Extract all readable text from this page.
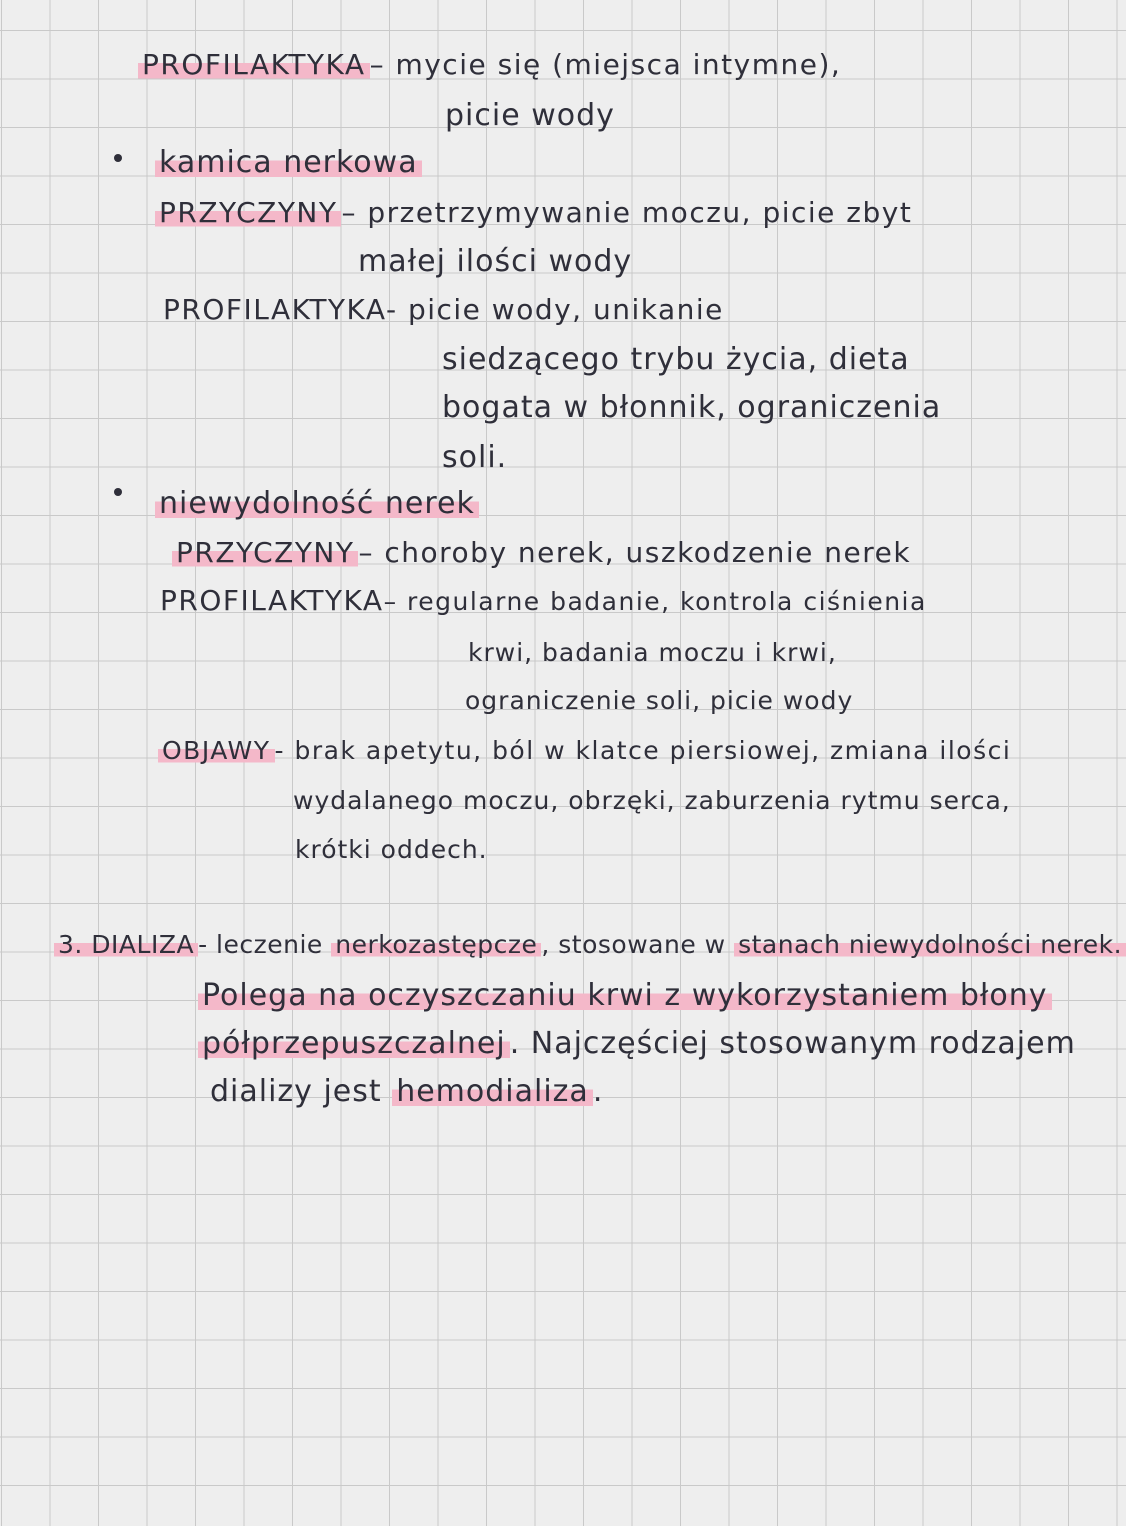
PROFILAKTYKA – mycie się (miejsca intymne),
picie wody
kamica nerkowa
PRZYCZYNY – przetrzymywanie moczu, picie zbyt
małej ilości wody
PROFILAKTYKA- picie wody, unikanie
siedzącego trybu życia, dieta
bogata w błonnik, ograniczenia
soli.
niewydolność nerek
PRZYCZYNY – choroby nerek, uszkodzenie nerek
PROFILAKTYKA– regularne badanie, kontrola ciśnienia
krwi, badania moczu i krwi,
ograniczenie soli, picie wody
OBJAWY - brak apetytu, ból w klatce piersiowej, zmiana ilości
wydalanego moczu, obrzęki, zaburzenia rytmu serca,
krótki oddech.
3. DIALIZA - leczenie nerkozastępcze , stosowane w stanach niewydolności nerek.
Polega na oczyszczaniu krwi z wykorzystaniem błony
półprzepuszczalnej . Najczęściej stosowanym rodzajem
dializy jest hemodializa .
